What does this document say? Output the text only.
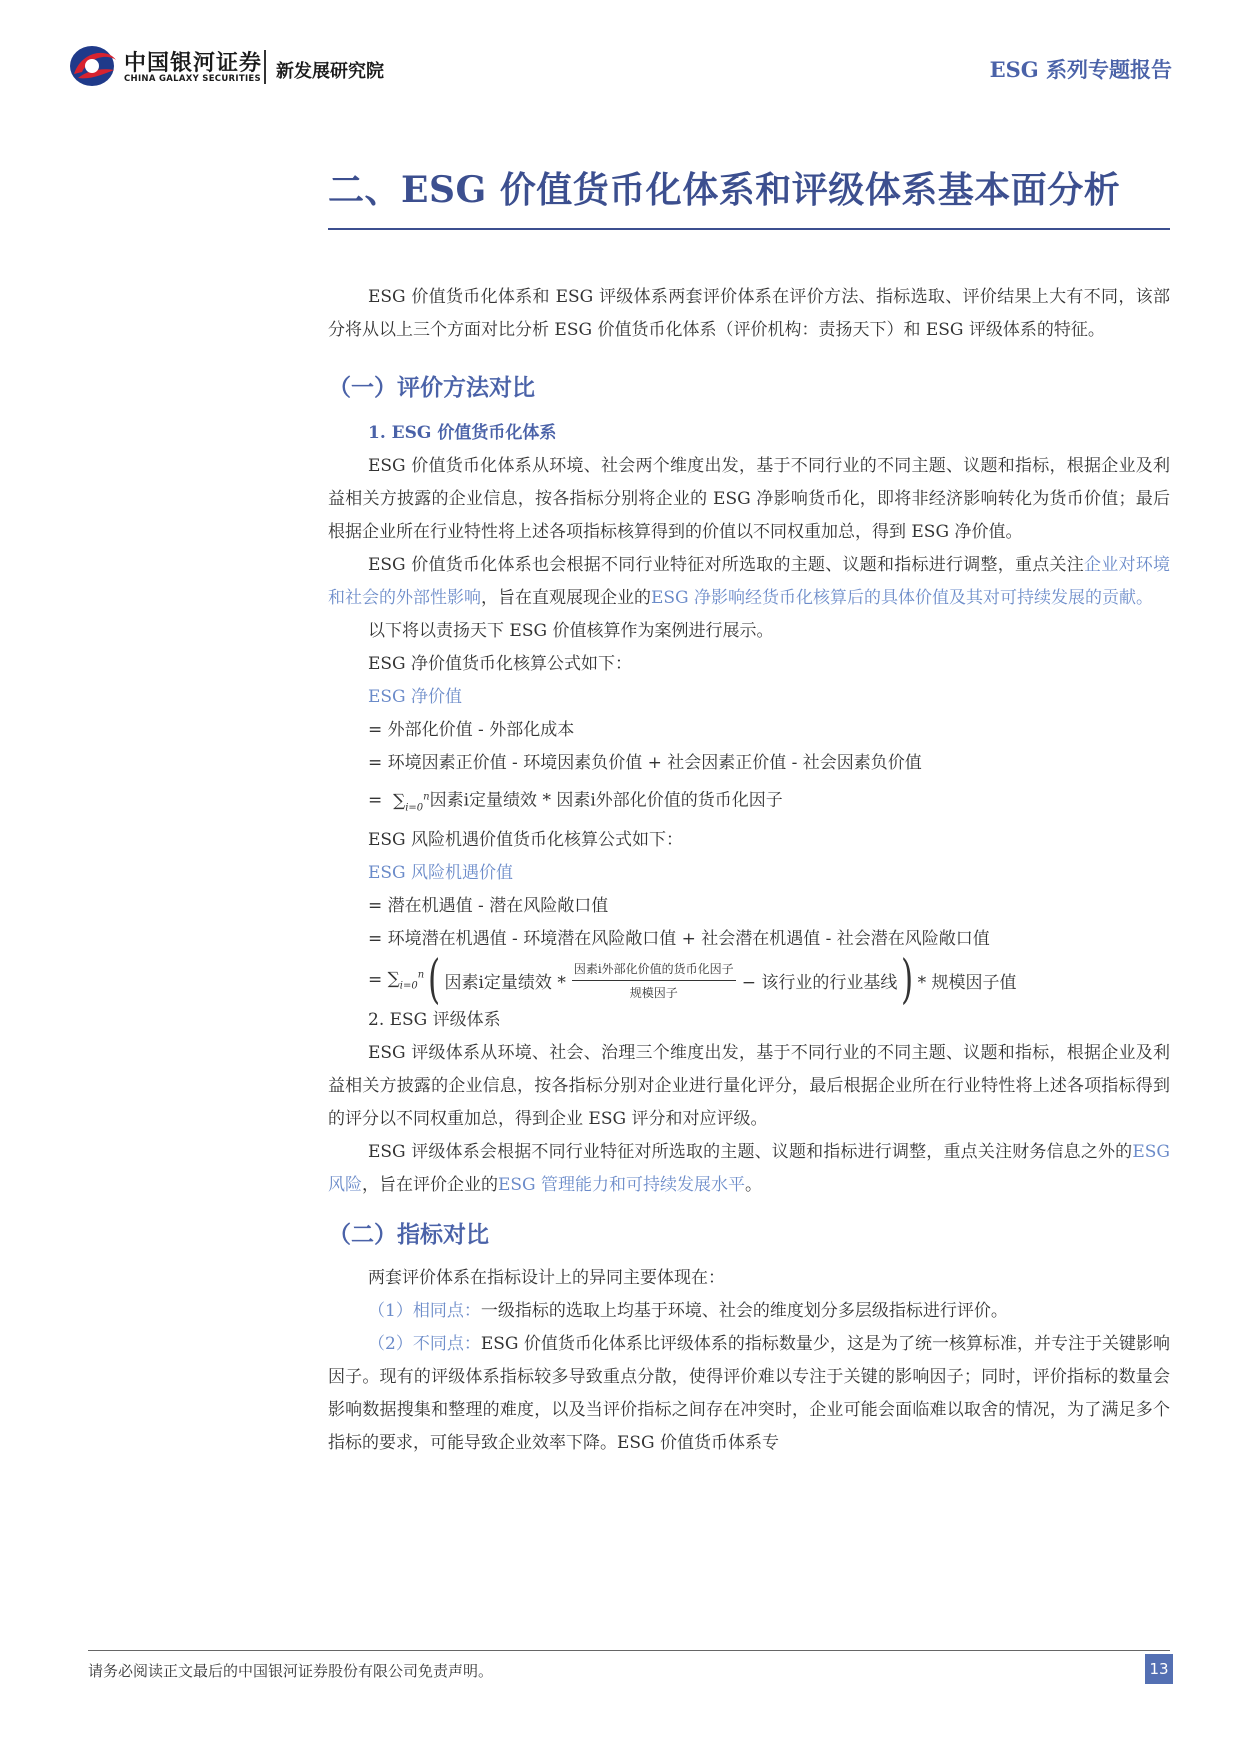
中国银河证券
CHINA GALAXY SECURITIES 新发展研究院	ESG 系列专题报告
二、ESG 价值货币化体系和评级体系基本面分析

ESG 价值货币化体系和 ESG 评级体系两套评价体系在评价方法、指标选取、评价结果上大有不同，该部分将从以上三个方面对比分析 ESG 价值货币化体系（评价机构：责扬天下）和 ESG 评级体系的特征。

（一）评价方法对比

1. ESG 价值货币化体系

ESG 价值货币化体系从环境、社会两个维度出发，基于不同行业的不同主题、议题和指标，根据企业及利益相关方披露的企业信息，按各指标分别将企业的 ESG 净影响货币化，即将非经济影响转化为货币价值；最后根据企业所在行业特性将上述各项指标核算得到的价值以不同权重加总，得到 ESG 净价值。

ESG 价值货币化体系也会根据不同行业特征对所选取的主题、议题和指标进行调整，重点关注企业对环境和社会的外部性影响，旨在直观展现企业的ESG 净影响经货币化核算后的具体价值及其对可持续发展的贡献。

以下将以责扬天下 ESG 价值核算作为案例进行展示。

ESG 净价值货币化核算公式如下：

ESG 净价值

= 外部化价值 - 外部化成本

= 环境因素正价值 - 环境因素负价值 + 社会因素正价值 - 社会因素负价值

=  $\sum_{i=0}^n$因素i定量绩效 * 因素i外部化价值的货币化因子

ESG 风险机遇价值货币化核算公式如下：

ESG 风险机遇价值

= 潜在机遇值 - 潜在风险敞口值

= 环境潜在机遇值 - 环境潜在风险敞口值 + 社会潜在机遇值 - 社会潜在风险敞口值

= $\sum_{i=0}^n$ ( 因素i定量绩效 * $\frac{\text{因素i外部化价值的货币化因子}}{\text{规模因子}}$ − 该行业的行业基线 ) * 规模因子值

2. ESG 评级体系

ESG 评级体系从环境、社会、治理三个维度出发，基于不同行业的不同主题、议题和指标，根据企业及利益相关方披露的企业信息，按各指标分别对企业进行量化评分，最后根据企业所在行业特性将上述各项指标得到的评分以不同权重加总，得到企业 ESG 评分和对应评级。

ESG 评级体系会根据不同行业特征对所选取的主题、议题和指标进行调整，重点关注财务信息之外的ESG 风险，旨在评价企业的ESG 管理能力和可持续发展水平。

（二）指标对比

两套评价体系在指标设计上的异同主要体现在：

（1）相同点：一级指标的选取上均基于环境、社会的维度划分多层级指标进行评价。

（2）不同点：ESG 价值货币化体系比评级体系的指标数量少，这是为了统一核算标准，并专注于关键影响因子。现有的评级体系指标较多导致重点分散，使得评价难以专注于关键的影响因子；同时，评价指标的数量会影响数据搜集和整理的难度，以及当评价指标之间存在冲突时，企业可能会面临难以取舍的情况，为了满足多个指标的要求，可能导致企业效率下降。ESG 价值货币体系专

请务必阅读正文最后的中国银河证券股份有限公司免责声明。	13
